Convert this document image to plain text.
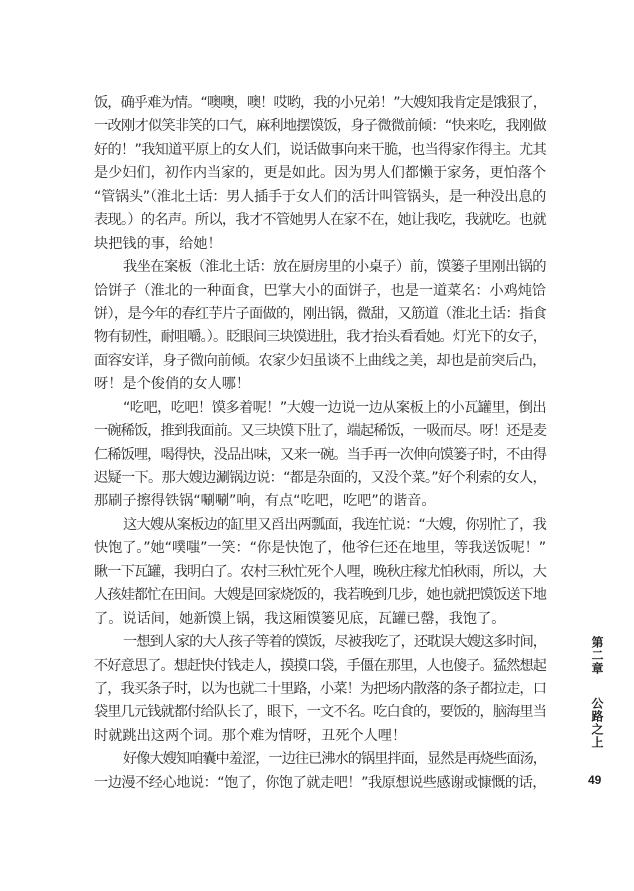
饭，确乎难为情。“噢噢，噢！哎哟，我的小兄弟！”大嫂知我肯定是饿狠了，
一改刚才似笑非笑的口气，麻利地摆馍饭，身子微微前倾：“快来吃，我刚做
好的！”我知道平原上的女人们，说话做事向来干脆，也当得家作得主。尤其
是少妇们，初作内当家的，更是如此。因为男人们都懒于家务，更怕落个
“管锅头”（淮北土话：男人插手于女人们的活计叫管锅头，是一种没出息的
表现。）的名声。所以，我才不管她男人在家不在，她让我吃，我就吃。也就
块把钱的事，给她！
我坐在案板（淮北土话：放在厨房里的小桌子）前，馍篓子里刚出锅的
饸饼子（淮北的一种面食，巴掌大小的面饼子，也是一道菜名：小鸡炖饸
饼），是今年的春红芋片子面做的，刚出锅，微甜，又筋道（淮北土话：指食
物有韧性，耐咀嚼。）。眨眼间三块馍进肚，我才抬头看看她。灯光下的女子，
面容安详，身子微向前倾。农家少妇虽谈不上曲线之美，却也是前突后凸，
呀！是个俊俏的女人哪！
“吃吧，吃吧！馍多着呢！”大嫂一边说一边从案板上的小瓦罐里，倒出
一碗稀饭，推到我面前。又三块馍下肚了，端起稀饭，一吸而尽。呀！还是麦
仁稀饭哩，喝得快，没品出味，又来一碗。当手再一次伸向馍篓子时，不由得
迟疑一下。那大嫂边涮锅边说：“都是杂面的，又没个菜。”好个利索的女人，
那刷子擦得铁锅“唰唰”响，有点“吃吧，吃吧”的谐音。
这大嫂从案板边的缸里又舀出两瓢面，我连忙说：“大嫂，你别忙了，我
快饱了。”她“噗嗤”一笑：“你是快饱了，他爷仨还在地里，等我送饭呢！”
瞅一下瓦罐，我明白了。农村三秋忙死个人哩，晚秋庄稼尤怕秋雨，所以，大
人孩娃都忙在田间。大嫂是回家烧饭的，我若晚到几步，她也就把馍饭送下地
了。说话间，她新馍上锅，我这厢馍篓见底，瓦罐已罄，我饱了。
一想到人家的大人孩子等着的馍饭，尽被我吃了，还耽误大嫂这多时间，
不好意思了。想赶快付钱走人，摸摸口袋，手僵在那里，人也傻子。猛然想起
了，我买条子时，以为也就二十里路，小菜！为把场内散落的条子都拉走，口
袋里几元钱就都付给队长了，眼下，一文不名。吃白食的，要饭的，脑海里当
时就跳出这两个词。那个难为情呀，丑死个人哩！
好像大嫂知咱囊中羞涩，一边往已沸水的锅里拌面，显然是再烧些面汤，
一边漫不经心地说：“饱了，你饱了就走吧！”我原想说些感谢或慷慨的话，
第二章  公路之上
49
